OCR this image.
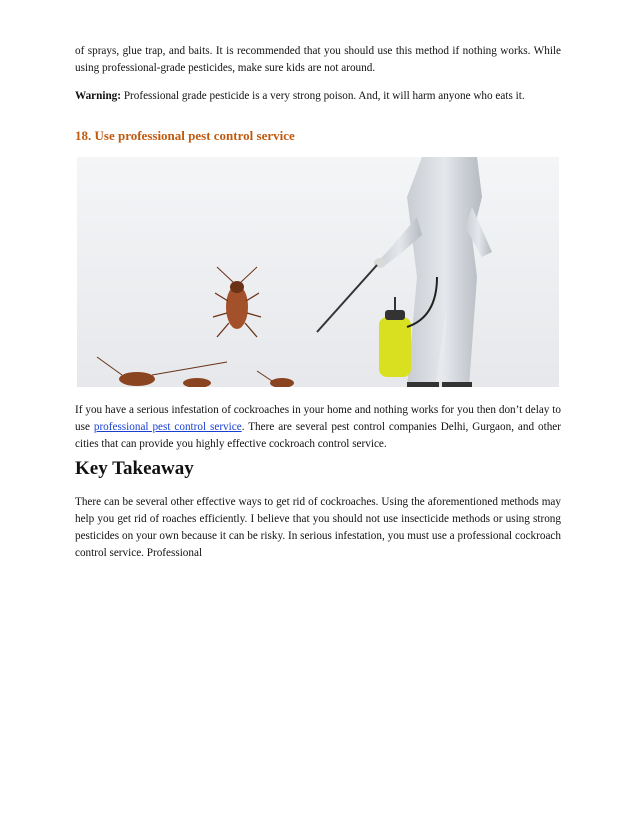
of sprays, glue trap, and baits. It is recommended that you should use this method if nothing works. While using professional-grade pesticides, make sure kids are not around.

Warning: Professional grade pesticide is a very strong poison. And, it will harm anyone who eats it.

18. Use professional pest control service

If you have a serious infestation of cockroaches in your home and nothing works for you then don’t delay to use professional pest control service. There are several pest control companies Delhi, Gurgaon, and other cities that can provide you highly effective cockroach control service.

Key Takeaway

There can be several other effective ways to get rid of cockroaches. Using the aforementioned methods may help you get rid of roaches efficiently. I believe that you should not use insecticide methods or using strong pesticides on your own because it can be risky. In serious infestation, you must use a professional cockroach control service. Professional
